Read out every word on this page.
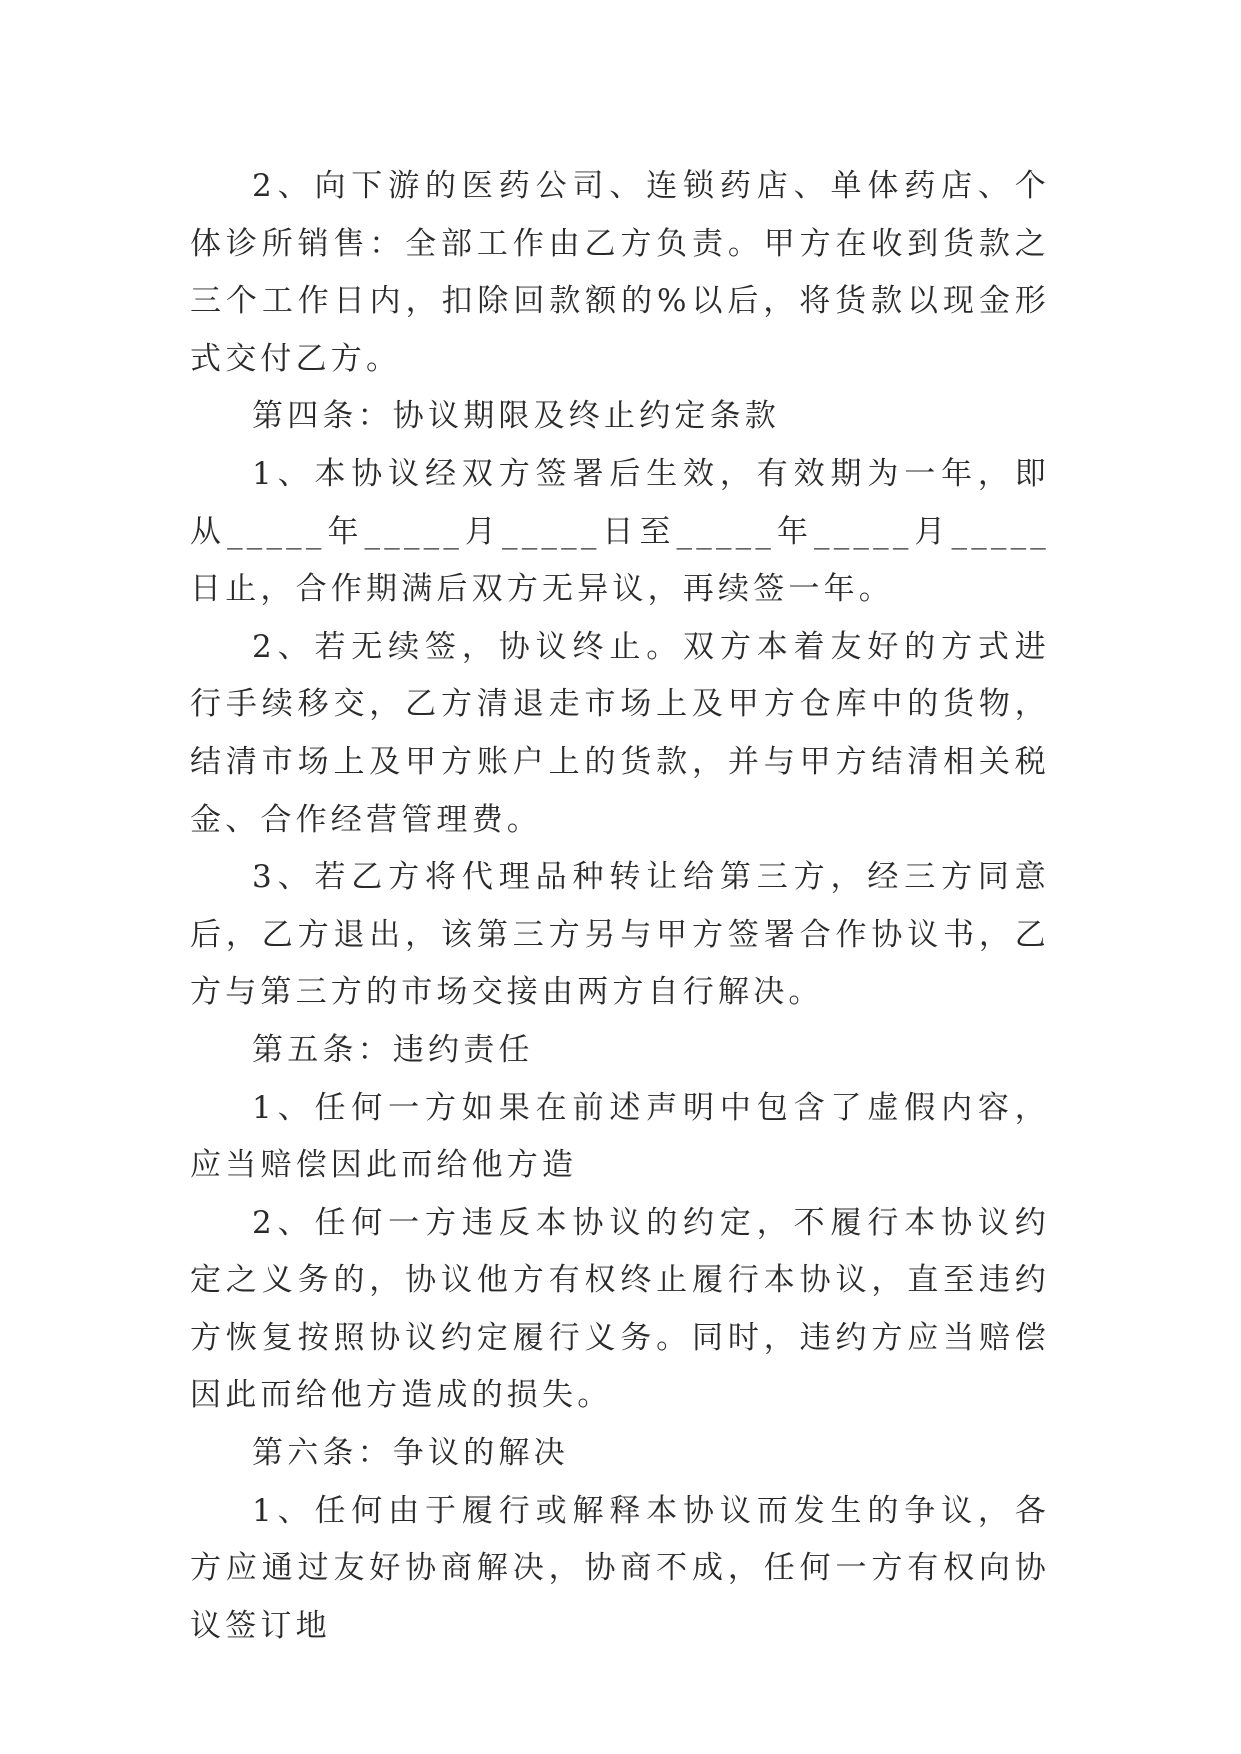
2、向下游的医药公司、连锁药店、单体药店、个体诊所销售：全部工作由乙方负责。甲方在收到货款之三个工作日内，扣除回款额的%以后，将货款以现金形式交付乙方。

第四条：协议期限及终止约定条款

1、本协议经双方签署后生效，有效期为一年，即从_____年_____月_____日至_____年_____月_____日止，合作期满后双方无异议，再续签一年。

2、若无续签，协议终止。双方本着友好的方式进行手续移交，乙方清退走市场上及甲方仓库中的货物，结清市场上及甲方账户上的货款，并与甲方结清相关税金、合作经营管理费。

3、若乙方将代理品种转让给第三方，经三方同意后，乙方退出，该第三方另与甲方签署合作协议书，乙方与第三方的市场交接由两方自行解决。

第五条：违约责任

1、任何一方如果在前述声明中包含了虚假内容，应当赔偿因此而给他方造

2、任何一方违反本协议的约定，不履行本协议约定之义务的，协议他方有权终止履行本协议，直至违约方恢复按照协议约定履行义务。同时，违约方应当赔偿因此而给他方造成的损失。

第六条：争议的解决

1、任何由于履行或解释本协议而发生的争议，各方应通过友好协商解决，协商不成，任何一方有权向协议签订地
